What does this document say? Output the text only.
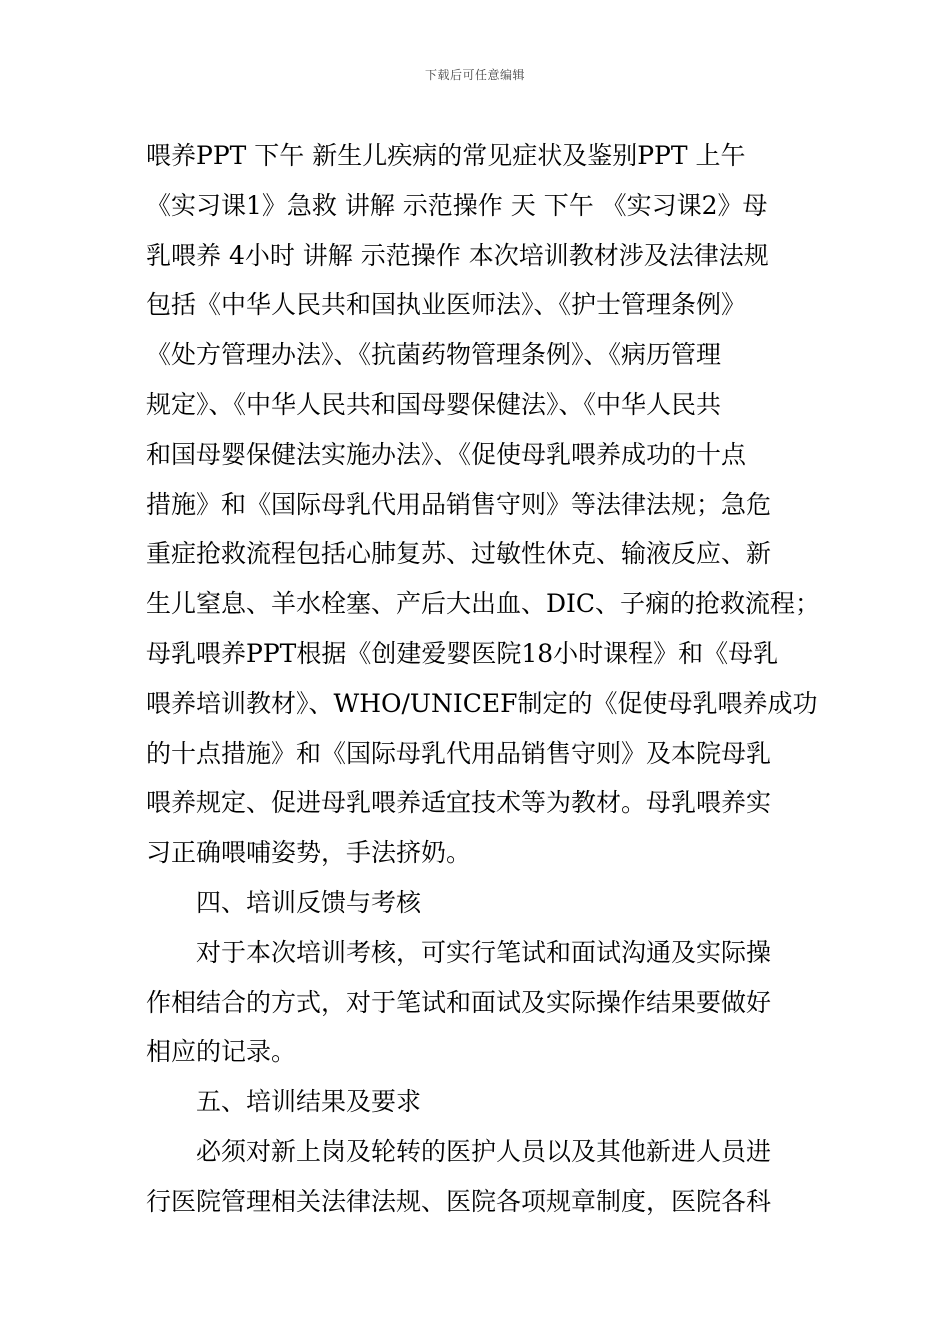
下载后可任意编辑
喂养PPT 下午 新生儿疾病的常见症状及鉴别PPT 上午
《实习课1》急救 讲解 示范操作 天 下午 《实习课2》母
乳喂养 4小时 讲解 示范操作 本次培训教材涉及法律法规
包括《中华人民共和国执业医师法》、《护士管理条例》
《处方管理办法》、《抗菌药物管理条例》、《病历管理
规定》、《中华人民共和国母婴保健法》、《中华人民共
和国母婴保健法实施办法》、《促使母乳喂养成功的十点
措施》和《国际母乳代用品销售守则》等法律法规；急危
重症抢救流程包括心肺复苏、过敏性休克、输液反应、新
生儿窒息、羊水栓塞、产后大出血、DIC、子痫的抢救流程；
母乳喂养PPT根据《创建爱婴医院18小时课程》和《母乳
喂养培训教材》、WHO/UNICEF制定的《促使母乳喂养成功
的十点措施》和《国际母乳代用品销售守则》及本院母乳
喂养规定、促进母乳喂养适宜技术等为教材。母乳喂养实
习正确喂哺姿势，手法挤奶。
四、培训反馈与考核
对于本次培训考核，可实行笔试和面试沟通及实际操
作相结合的方式，对于笔试和面试及实际操作结果要做好
相应的记录。
五、培训结果及要求
必须对新上岗及轮转的医护人员以及其他新进人员进
行医院管理相关法律法规、医院各项规章制度，医院各科
